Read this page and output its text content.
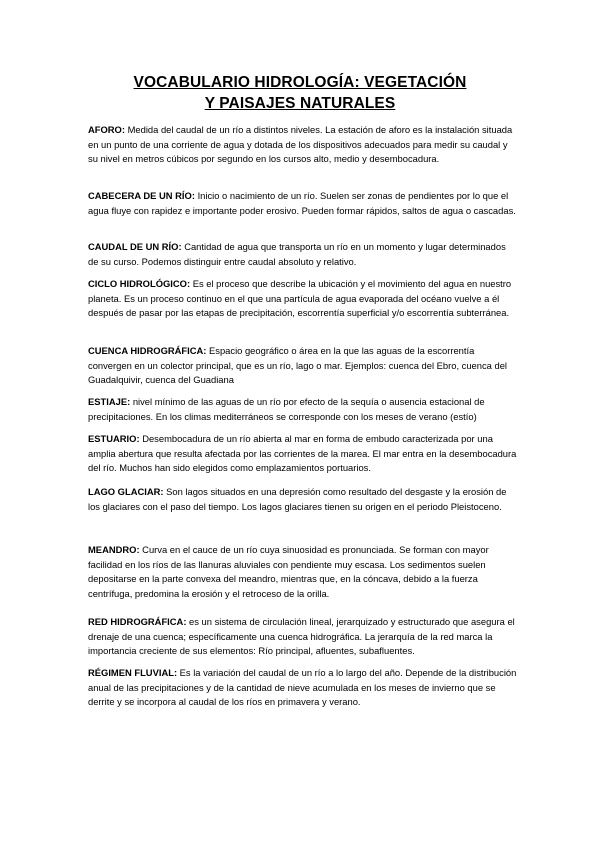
VOCABULARIO HIDROLOGÍA: VEGETACIÓN
Y PAISAJES NATURALES
AFORO: Medida del caudal de un río a distintos niveles. La estación de aforo es la instalación situada en un punto de una corriente de agua y dotada de los dispositivos adecuados para medir su caudal y su nivel en metros cúbicos por segundo en los cursos alto, medio y desembocadura.
CABECERA DE UN RÍO: Inicio o nacimiento de un río. Suelen ser zonas de pendientes por lo que el agua fluye con rapidez e importante poder erosivo. Pueden formar rápidos, saltos de agua o cascadas.
CAUDAL DE UN RÍO: Cantidad de agua que transporta un río en un momento y lugar determinados de su curso. Podemos distinguir entre caudal absoluto y relativo.
CICLO HIDROLÓGICO: Es el proceso que describe la ubicación y el movimiento del agua en nuestro planeta. Es un proceso continuo en el que una partícula de agua evaporada del océano vuelve a él después de pasar por las etapas de precipitación, escorrentía superficial y/o escorrentía subterránea.
CUENCA HIDROGRÁFICA: Espacio geográfico o área en la que las aguas de la escorrentía convergen en un colector principal, que es un río, lago o mar. Ejemplos: cuenca del Ebro, cuenca del Guadalquivir, cuenca del Guadiana
ESTIAJE: nivel mínimo de las aguas de un río por efecto de la sequía o ausencia estacional de precipitaciones. En los climas mediterráneos se corresponde con los meses de verano (estío)
ESTUARIO: Desembocadura de un río abierta al mar en forma de embudo caracterizada por una amplia abertura que resulta afectada por las corrientes de la marea. El mar entra en la desembocadura del río. Muchos han sido elegidos como emplazamientos portuarios.
LAGO GLACIAR: Son lagos situados en una depresión como resultado del desgaste y la erosión de los glaciares con el paso del tiempo. Los lagos glaciares tienen su origen en el periodo Pleistoceno.
MEANDRO: Curva en el cauce de un río cuya sinuosidad es pronunciada. Se forman con mayor facilidad en los ríos de las llanuras aluviales con pendiente muy escasa. Los sedimentos suelen depositarse en la parte convexa del meandro, mientras que, en la cóncava, debido a la fuerza centrífuga, predomina la erosión y el retroceso de la orilla.
RED HIDROGRÁFICA: es un sistema de circulación lineal, jerarquizado y estructurado que asegura el drenaje de una cuenca; específicamente una cuenca hidrográfica. La jerarquía de la red marca la importancia creciente de sus elementos: Río principal, afluentes, subafluentes.
RÉGIMEN FLUVIAL: Es la variación del caudal de un río a lo largo del año. Depende de la distribución anual de las precipitaciones y de la cantidad de nieve acumulada en los meses de invierno que se derrite y se incorpora al caudal de los ríos en primavera y verano.
